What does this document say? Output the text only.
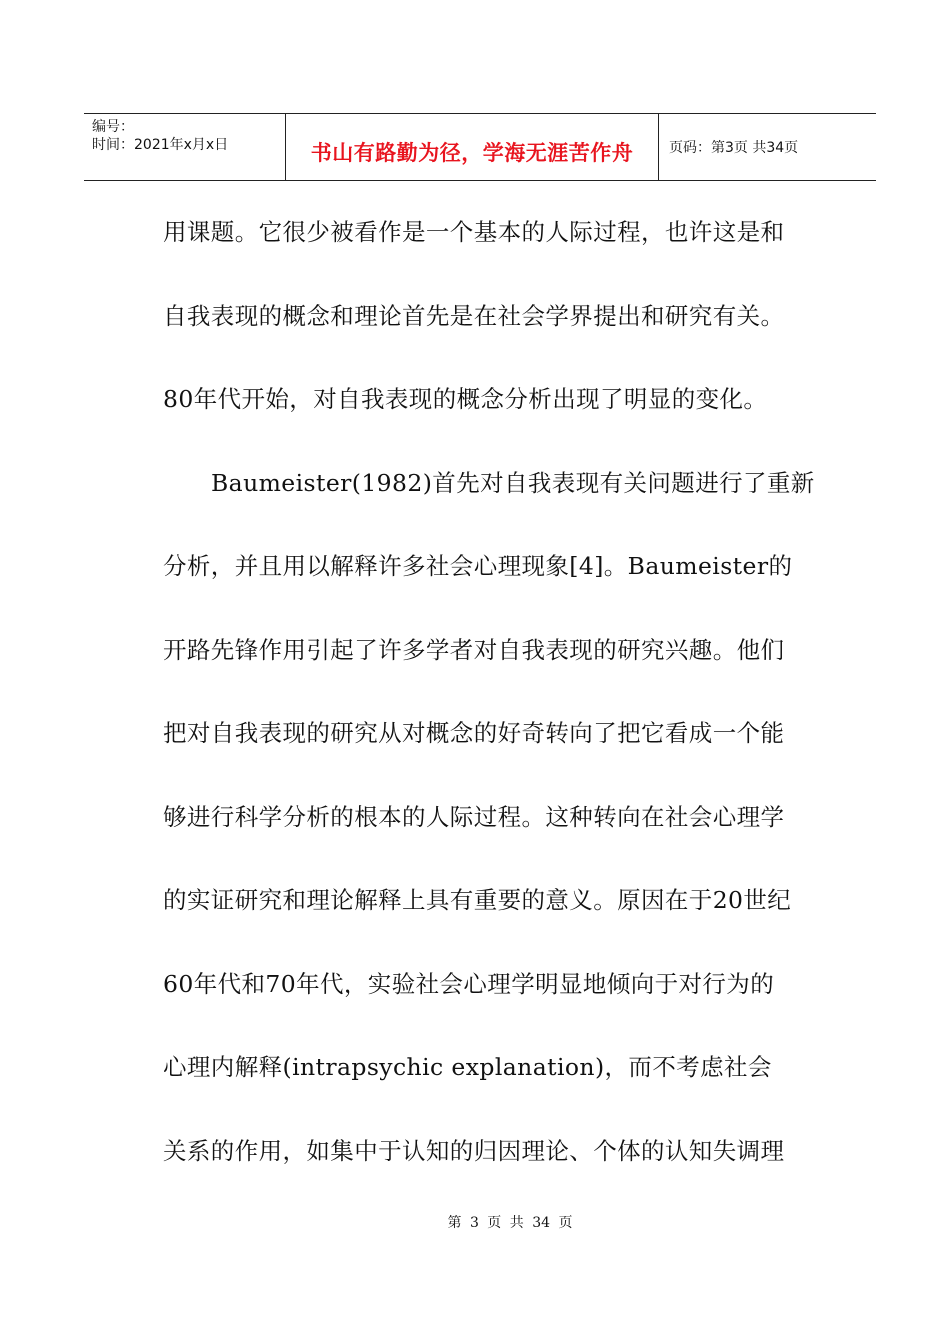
编号：
时间：2021年x月x日	书山有路勤为径，学海无涯苦作舟	页码：第3页 共34页
用课题。它很少被看作是一个基本的人际过程，也许这是和
自我表现的概念和理论首先是在社会学界提出和研究有关。
80年代开始，对自我表现的概念分析出现了明显的变化。
Baumeister(1982)首先对自我表现有关问题进行了重新
分析，并且用以解释许多社会心理现象[4]。Baumeister的
开路先锋作用引起了许多学者对自我表现的研究兴趣。他们
把对自我表现的研究从对概念的好奇转向了把它看成一个能
够进行科学分析的根本的人际过程。这种转向在社会心理学
的实证研究和理论解释上具有重要的意义。原因在于20世纪
60年代和70年代，实验社会心理学明显地倾向于对行为的
心理内解释(intrapsychic explanation)，而不考虑社会
关系的作用，如集中于认知的归因理论、个体的认知失调理
第 3 页 共 34 页
